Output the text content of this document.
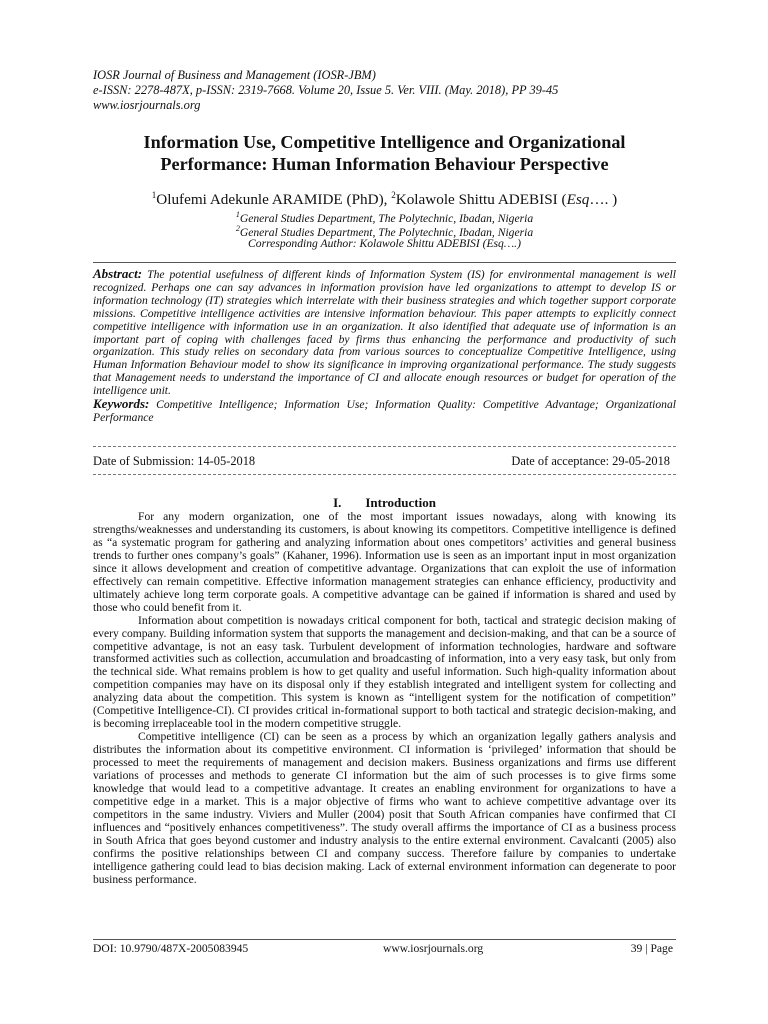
IOSR Journal of Business and Management (IOSR-JBM)
e-ISSN: 2278-487X, p-ISSN: 2319-7668. Volume 20, Issue 5. Ver. VIII. (May. 2018), PP 39-45
www.iosrjournals.org
Information Use, Competitive Intelligence and Organizational Performance: Human Information Behaviour Perspective
$^1$Olufemi Adekunle ARAMIDE (PhD), $^2$Kolawole Shittu ADEBISI (Esq…. )
$^1$General Studies Department, The Polytechnic, Ibadan, Nigeria
$^2$General Studies Department, The Polytechnic, Ibadan, Nigeria
Corresponding Author: Kolawole Shittu ADEBISI (Esq….)
Abstract: The potential usefulness of different kinds of Information System (IS) for environmental management is well recognized. Perhaps one can say advances in information provision have led organizations to attempt to develop IS or information technology (IT) strategies which interrelate with their business strategies and which together support corporate missions. Competitive intelligence activities are intensive information behaviour. This paper attempts to explicitly connect competitive intelligence with information use in an organization. It also identified that adequate use of information is an important part of coping with challenges faced by firms thus enhancing the performance and productivity of such organization. This study relies on secondary data from various sources to conceptualize Competitive Intelligence, using Human Information Behaviour model to show its significance in improving organizational performance. The study suggests that Management needs to understand the importance of CI and allocate enough resources or budget for operation of the intelligence unit.
Keywords: Competitive Intelligence; Information Use; Information Quality: Competitive Advantage; Organizational Performance
Date of Submission: 14-05-2018	Date of acceptance: 29-05-2018
I. Introduction

For any modern organization, one of the most important issues nowadays, along with knowing its strengths/weaknesses and understanding its customers, is about knowing its competitors. Competitive intelligence is defined as “a systematic program for gathering and analyzing information about ones competitors’ activities and general business trends to further ones company’s goals” (Kahaner, 1996). Information use is seen as an important input in most organization since it allows development and creation of competitive advantage. Organizations that can exploit the use of information effectively can remain competitive. Effective information management strategies can enhance efficiency, productivity and ultimately achieve long term corporate goals. A competitive advantage can be gained if information is shared and used by those who could benefit from it.

Information about competition is nowadays critical component for both, tactical and strategic decision making of every company. Building information system that supports the management and decision-making, and that can be a source of competitive advantage, is not an easy task. Turbulent development of information technologies, hardware and software transformed activities such as collection, accumulation and broadcasting of information, into a very easy task, but only from the technical side. What remains problem is how to get quality and useful information. Such high-quality information about competition companies may have on its disposal only if they establish integrated and intelligent system for collecting and analyzing data about the competition. This system is known as “intelligent system for the notification of competition” (Competitive Intelligence-CI). CI provides critical in-formational support to both tactical and strategic decision-making, and is becoming irreplaceable tool in the modern competitive struggle.

Competitive intelligence (CI) can be seen as a process by which an organization legally gathers analysis and distributes the information about its competitive environment. CI information is ‘privileged’ information that should be processed to meet the requirements of management and decision makers. Business organizations and firms use different variations of processes and methods to generate CI information but the aim of such processes is to give firms some knowledge that would lead to a competitive advantage. It creates an enabling environment for organizations to have a competitive edge in a market. This is a major objective of firms who want to achieve competitive advantage over its competitors in the same industry. Viviers and Muller (2004) posit that South African companies have confirmed that CI influences and “positively enhances competitiveness”. The study overall affirms the importance of CI as a business process in South Africa that goes beyond customer and industry analysis to the entire external environment. Cavalcanti (2005) also confirms the positive relationships between CI and company success. Therefore failure by companies to undertake intelligence gathering could lead to bias decision making. Lack of external environment information can degenerate to poor business performance.

DOI: 10.9790/487X-2005083945	www.iosrjournals.org	39 | Page
